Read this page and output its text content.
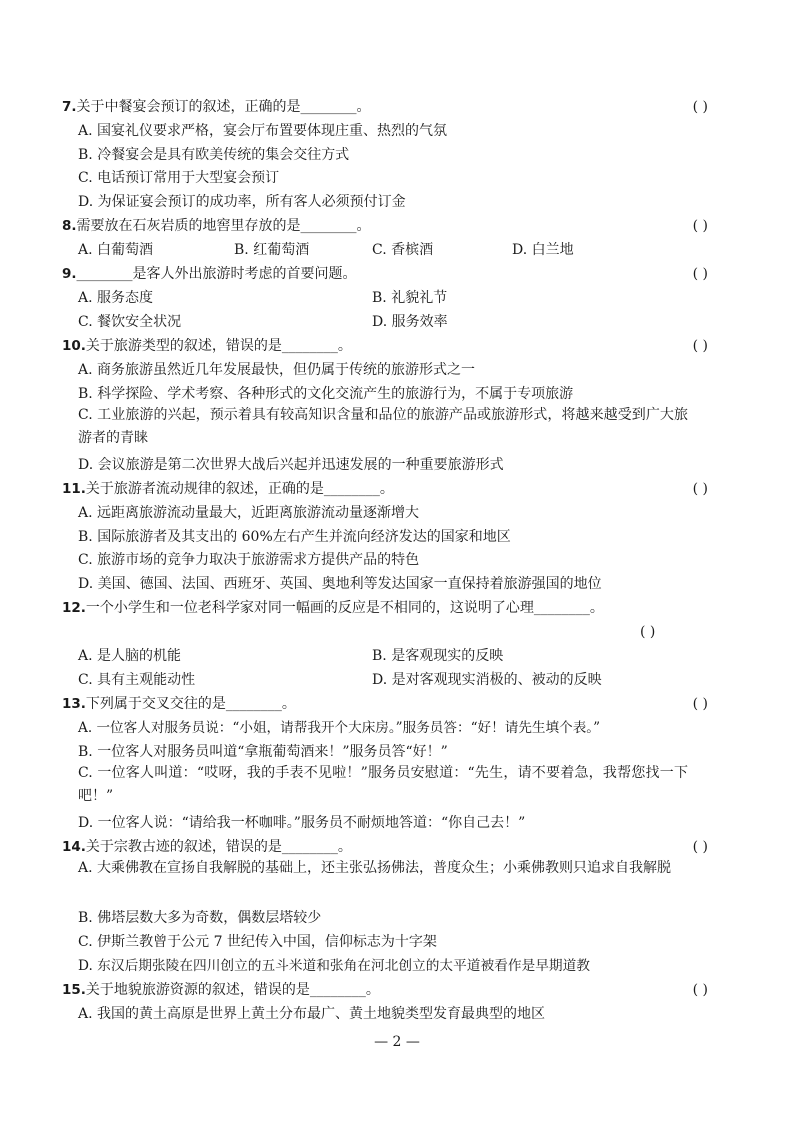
7.关于中餐宴会预订的叙述，正确的是________。	( )
A. 国宴礼仪要求严格，宴会厅布置要体现庄重、热烈的气氛
B. 冷餐宴会是具有欧美传统的集会交往方式
C. 电话预订常用于大型宴会预订
D. 为保证宴会预订的成功率，所有客人必须预付订金
8.需要放在石灰岩质的地窖里存放的是________。	( )
A. 白葡萄酒	B. 红葡萄酒	C. 香槟酒	D. 白兰地
9.________是客人外出旅游时考虑的首要问题。	( )
A. 服务态度	B. 礼貌礼节
C. 餐饮安全状况	D. 服务效率
10.关于旅游类型的叙述，错误的是________。	( )
A. 商务旅游虽然近几年发展最快，但仍属于传统的旅游形式之一
B. 科学探险、学术考察、各种形式的文化交流产生的旅游行为，不属于专项旅游
C. 工业旅游的兴起，预示着具有较高知识含量和品位的旅游产品或旅游形式，将越来越受到广大旅游者的青睐
D. 会议旅游是第二次世界大战后兴起并迅速发展的一种重要旅游形式
11.关于旅游者流动规律的叙述，正确的是________。	( )
A. 远距离旅游流动量最大，近距离旅游流动量逐渐增大
B. 国际旅游者及其支出的 60%左右产生并流向经济发达的国家和地区
C. 旅游市场的竞争力取决于旅游需求方提供产品的特色
D. 美国、德国、法国、西班牙、英国、奥地利等发达国家一直保持着旅游强国的地位
12.一个小学生和一位老科学家对同一幅画的反应是不相同的，这说明了心理________。
( )
A. 是人脑的机能	B. 是客观现实的反映
C. 具有主观能动性	D. 是对客观现实消极的、被动的反映
13.下列属于交叉交往的是________。	( )
A. 一位客人对服务员说：“小姐，请帮我开个大床房。”服务员答：“好！请先生填个表。”
B. 一位客人对服务员叫道“拿瓶葡萄酒来！”服务员答“好！”
C. 一位客人叫道：“哎呀，我的手表不见啦！”服务员安慰道：“先生，请不要着急，我帮您找一下吧！”
D. 一位客人说：“请给我一杯咖啡。”服务员不耐烦地答道：“你自己去！”
14.关于宗教古迹的叙述，错误的是________。	( )
A. 大乘佛教在宣扬自我解脱的基础上，还主张弘扬佛法，普度众生；小乘佛教则只追求自我解脱
B. 佛塔层数大多为奇数，偶数层塔较少
C. 伊斯兰教曾于公元 7 世纪传入中国，信仰标志为十字架
D. 东汉后期张陵在四川创立的五斗米道和张角在河北创立的太平道被看作是早期道教
15.关于地貌旅游资源的叙述，错误的是________。	( )
A. 我国的黄土高原是世界上黄土分布最广、黄土地貌类型发育最典型的地区
— 2 —
